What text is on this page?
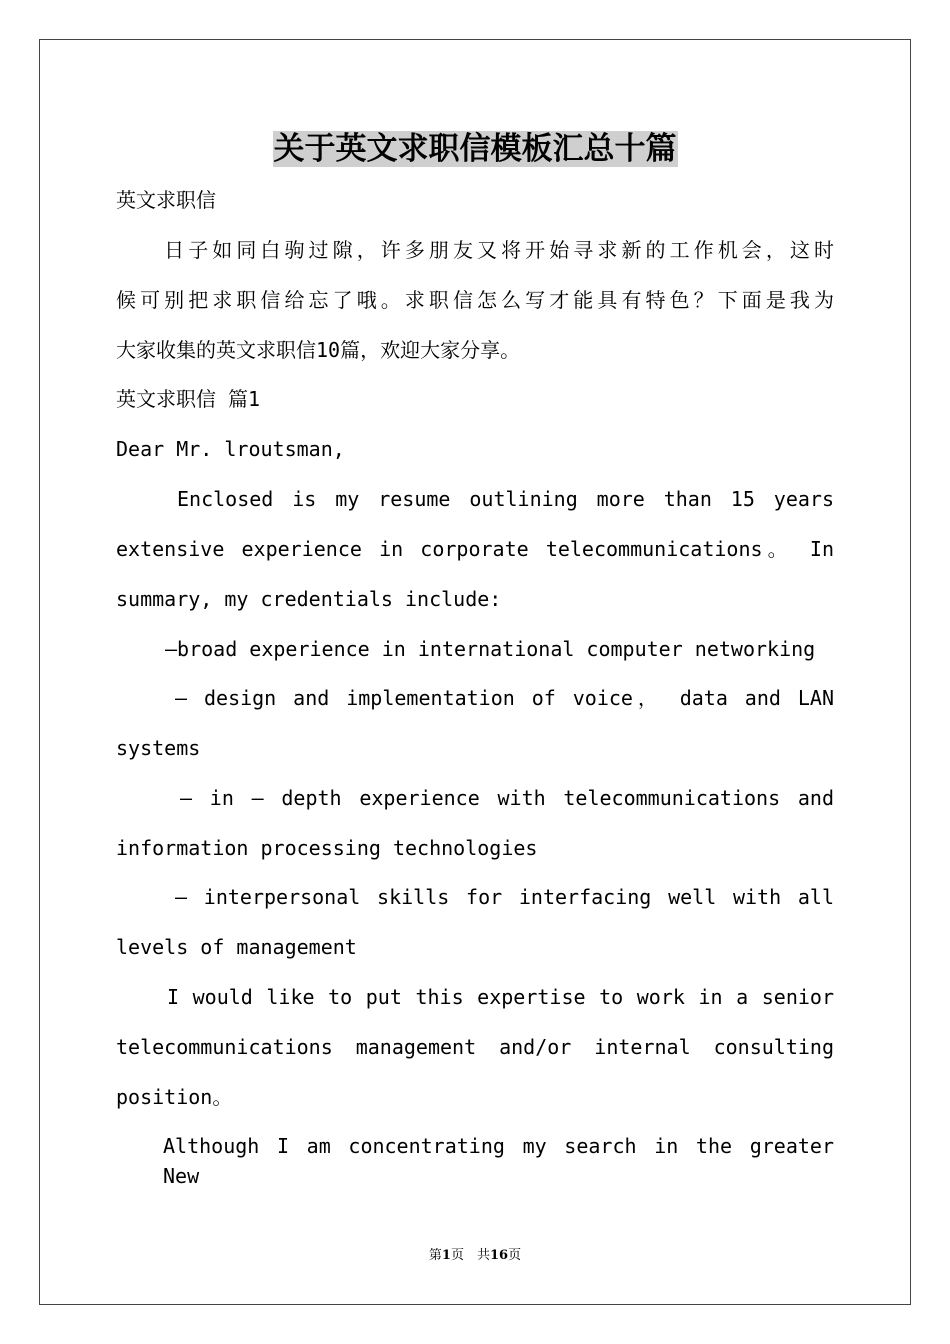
关于英文求职信模板汇总十篇
英文求职信
　　日子如同白驹过隙，许多朋友又将开始寻求新的工作机会，这时
候可别把求职信给忘了哦。求职信怎么写才能具有特色？下面是我为
大家收集的英文求职信10篇，欢迎大家分享。
英文求职信 篇1
Dear Mr. lroutsman,
Enclosed is my resume outlining more than 15 years
extensive experience in corporate telecommunications。 In
summary, my credentials include:
—broad experience in international computer networking
— design and implementation of voice， data and LAN
systems
— in — depth experience with telecommunications and
information processing technologies
— interpersonal skills for interfacing well with all
levels of management
I would like to put this expertise to work in a senior
telecommunications management and/or internal consulting
position。
Although I am concentrating my search in the greater New
第1页　共16页
